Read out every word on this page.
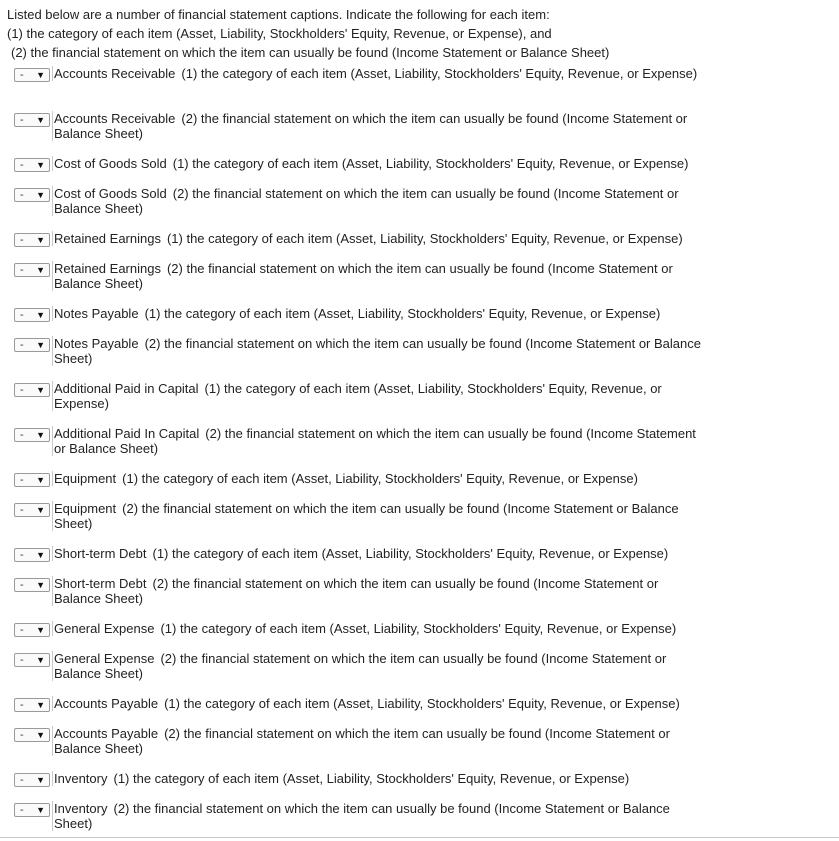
Listed below are a number of financial statement captions. Indicate the following for each item:
(1) the category of each item (Asset, Liability, Stockholders' Equity, Revenue, or Expense), and
(2) the financial statement on which the item can usually be found (Income Statement or Balance Sheet)
- ▼ Accounts Receivable (1) the category of each item (Asset, Liability, Stockholders' Equity, Revenue, or Expense)
- ▼ Accounts Receivable (2) the financial statement on which the item can usually be found (Income Statement or Balance Sheet)
- ▼ Cost of Goods Sold (1) the category of each item (Asset, Liability, Stockholders' Equity, Revenue, or Expense)
- ▼ Cost of Goods Sold (2) the financial statement on which the item can usually be found (Income Statement or Balance Sheet)
- ▼ Retained Earnings (1) the category of each item (Asset, Liability, Stockholders' Equity, Revenue, or Expense)
- ▼ Retained Earnings (2) the financial statement on which the item can usually be found (Income Statement or Balance Sheet)
- ▼ Notes Payable (1) the category of each item (Asset, Liability, Stockholders' Equity, Revenue, or Expense)
- ▼ Notes Payable (2) the financial statement on which the item can usually be found (Income Statement or Balance Sheet)
- ▼ Additional Paid in Capital (1) the category of each item (Asset, Liability, Stockholders' Equity, Revenue, or Expense)
- ▼ Additional Paid In Capital (2) the financial statement on which the item can usually be found (Income Statement or Balance Sheet)
- ▼ Equipment (1) the category of each item (Asset, Liability, Stockholders' Equity, Revenue, or Expense)
- ▼ Equipment (2) the financial statement on which the item can usually be found (Income Statement or Balance Sheet)
- ▼ Short-term Debt (1) the category of each item (Asset, Liability, Stockholders' Equity, Revenue, or Expense)
- ▼ Short-term Debt (2) the financial statement on which the item can usually be found (Income Statement or Balance Sheet)
- ▼ General Expense (1) the category of each item (Asset, Liability, Stockholders' Equity, Revenue, or Expense)
- ▼ General Expense (2) the financial statement on which the item can usually be found (Income Statement or Balance Sheet)
- ▼ Accounts Payable (1) the category of each item (Asset, Liability, Stockholders' Equity, Revenue, or Expense)
- ▼ Accounts Payable (2) the financial statement on which the item can usually be found (Income Statement or Balance Sheet)
- ▼ Inventory (1) the category of each item (Asset, Liability, Stockholders' Equity, Revenue, or Expense)
- ▼ Inventory (2) the financial statement on which the item can usually be found (Income Statement or Balance Sheet)
